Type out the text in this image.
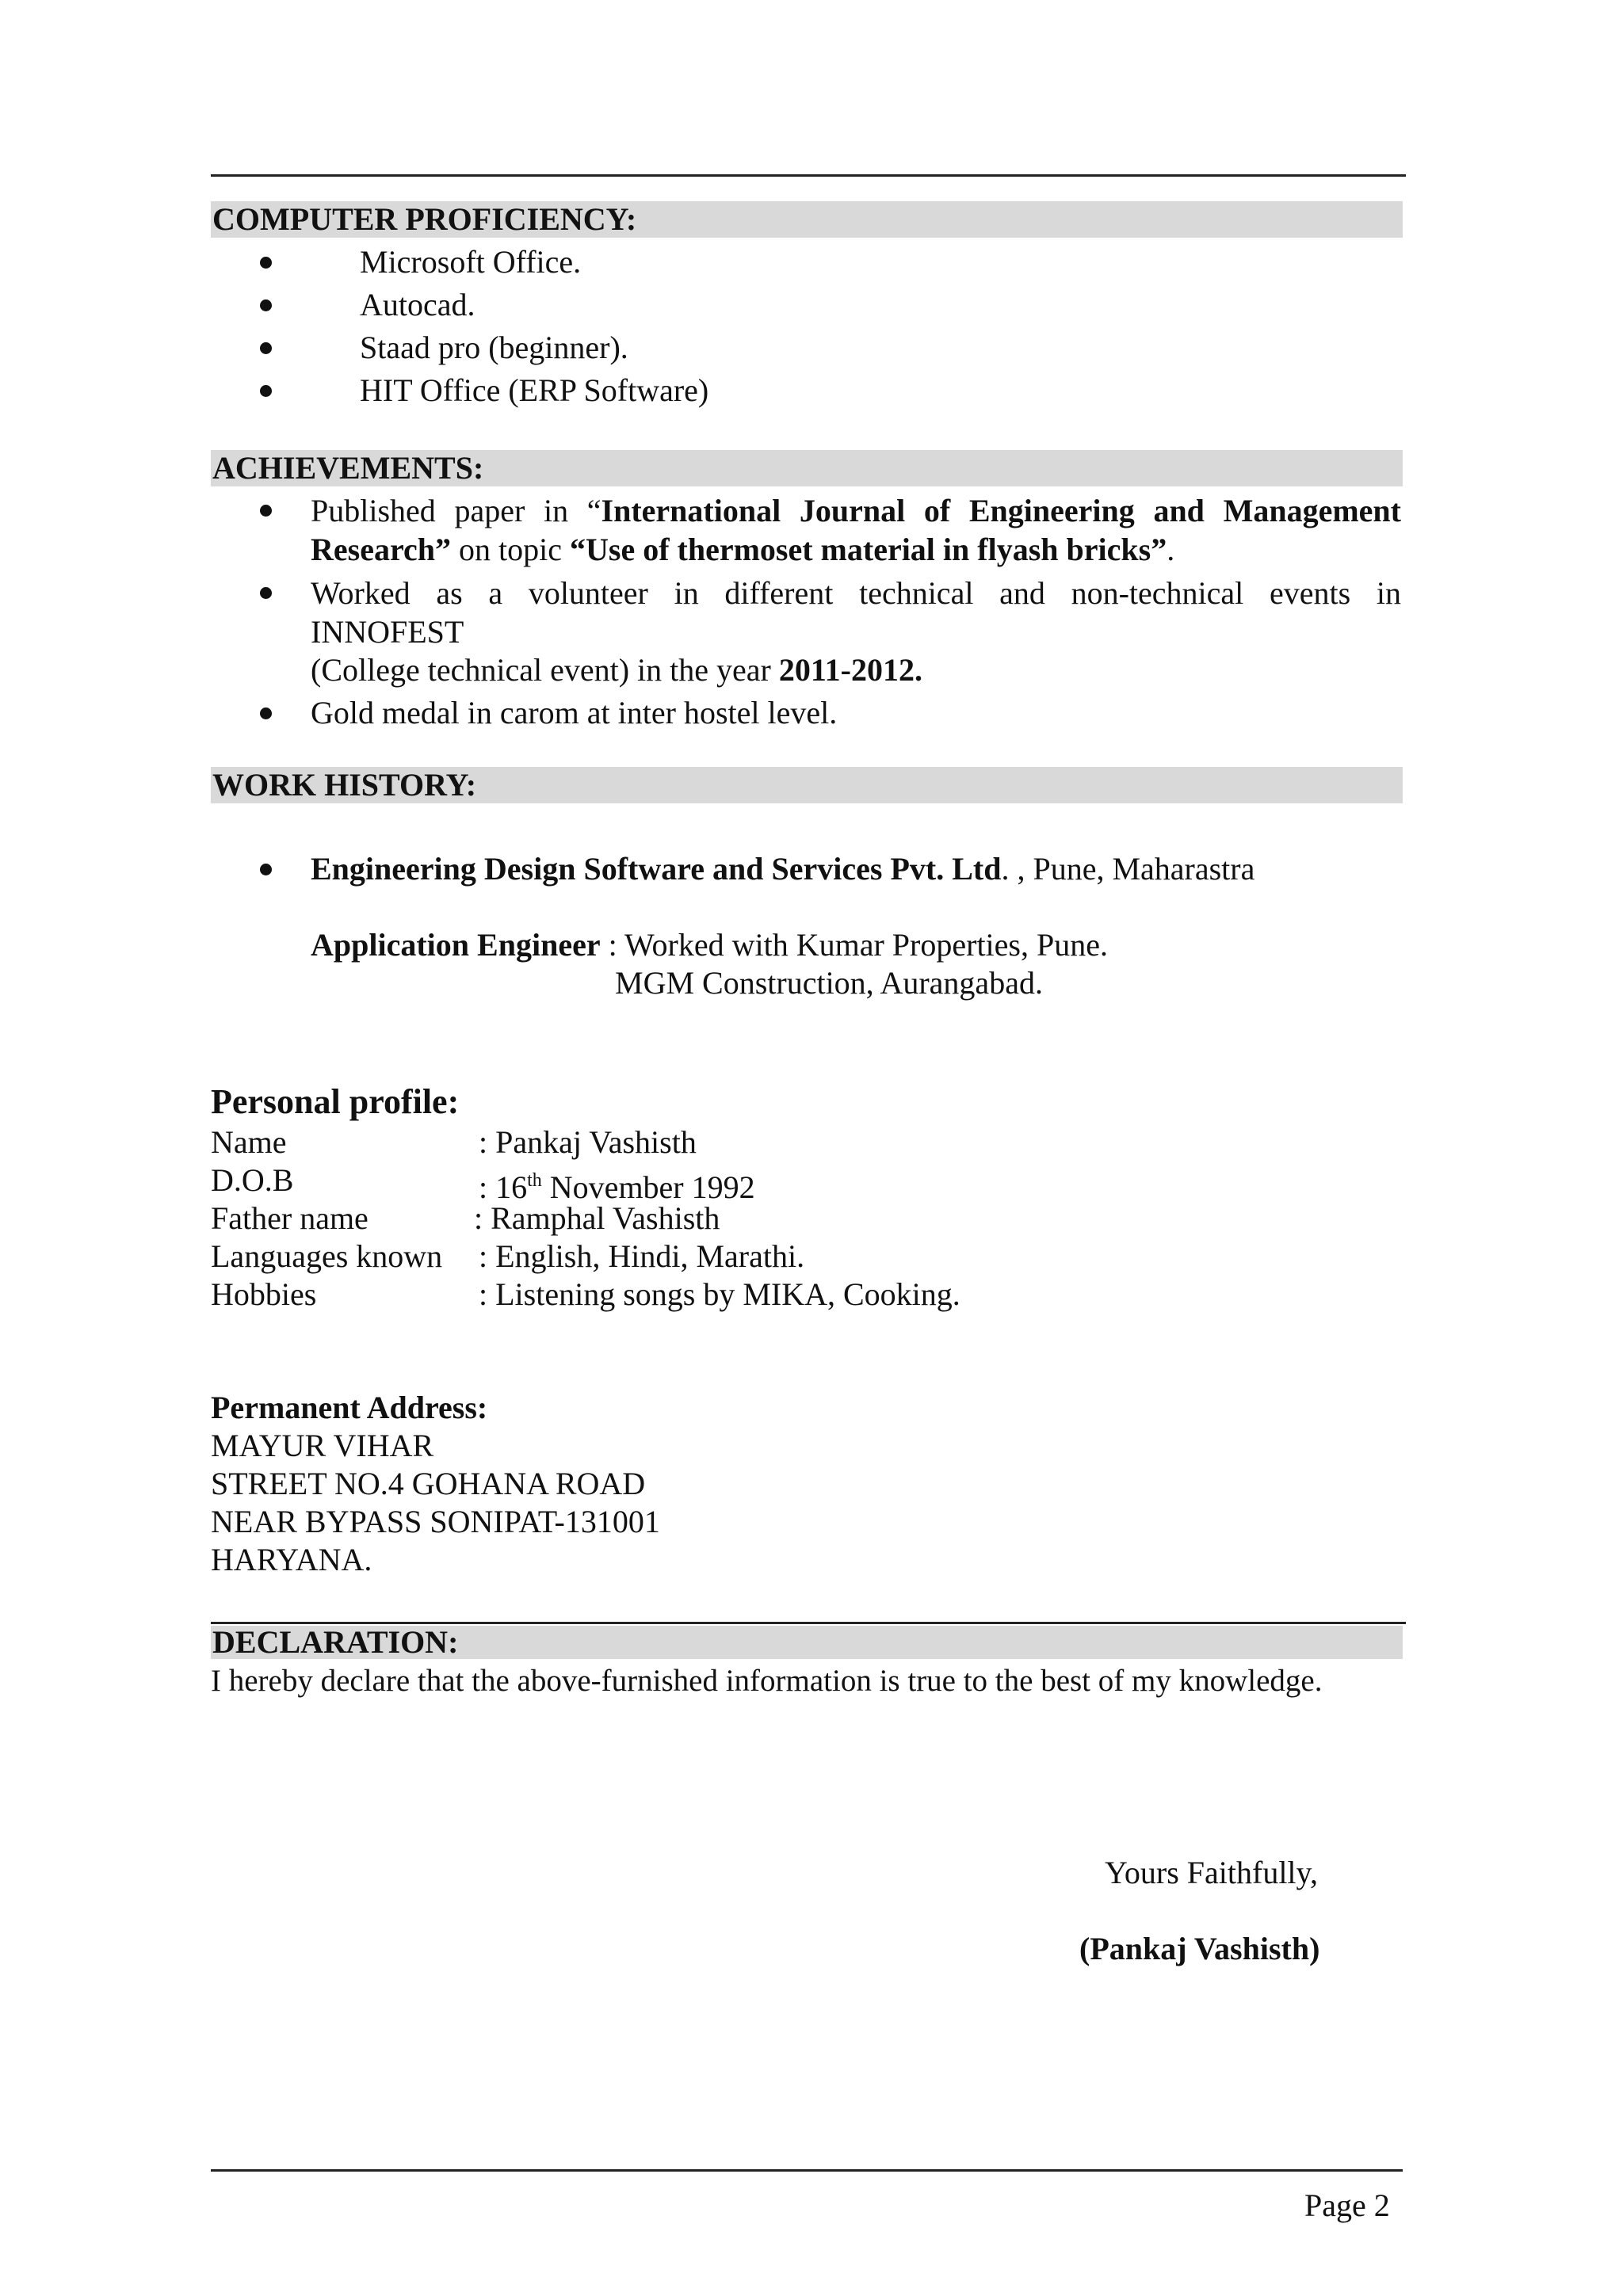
COMPUTER PROFICIENCY:
Microsoft Office.
Autocad.
Staad pro (beginner).
HIT Office (ERP Software)
ACHIEVEMENTS:
Published paper in “International Journal of Engineering and Management
Research” on topic “Use of thermoset material in flyash bricks”.
Worked as a volunteer in different technical and non-technical events in
INNOFEST
(College technical event) in the year 2011-2012.
Gold medal in carom at inter hostel level.
WORK HISTORY:
Engineering Design Software and Services Pvt. Ltd. , Pune, Maharastra
Application Engineer : Worked with Kumar Properties, Pune.
MGM Construction, Aurangabad.
Personal profile:
Name	: Pankaj Vashisth
D.O.B	: 16th November 1992
Father name	: Ramphal Vashisth
Languages known : English, Hindi, Marathi.
Hobbies	: Listening songs by MIKA, Cooking.
Permanent Address:
MAYUR VIHAR
STREET NO.4 GOHANA ROAD
NEAR BYPASS SONIPAT-131001
HARYANA.
DECLARATION:
I hereby declare that the above-furnished information is true to the best of my knowledge.
Yours Faithfully,
(Pankaj Vashisth)
Page 2
